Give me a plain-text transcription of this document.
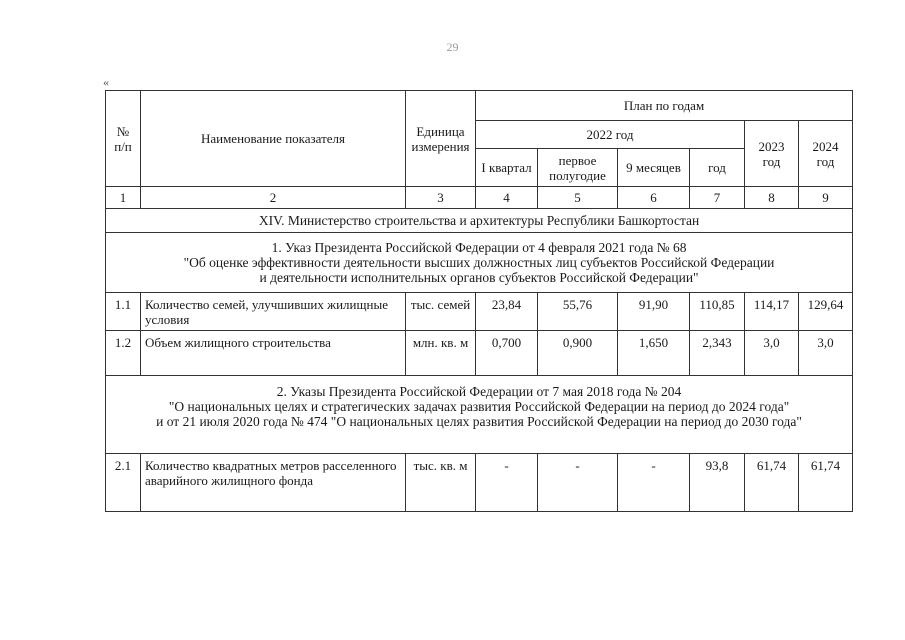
29
«
№ п/п	Наименование показателя	Единица измерения	План по годам					
			2022 год				2023 год	2024 год
			I квартал	первое полугодие	9 месяцев	год		
1	2	3	4	5	6	7	8	9
XIV. Министерство строительства и архитектуры Республики Башкортостан								

1. Указ Президента Российской Федерации от 4 февраля 2021 года № 68
"Об оценке эффективности деятельности высших должностных лиц субъектов Российской Федерации
и деятельности исполнительных органов субъектов Российской Федерации"								

1.1	Количество семей, улучшивших жилищные условия	тыс. семей	23,84	55,76	91,90	110,85	114,17	129,64
1.2	Объем жилищного строительства	млн. кв. м	0,700	0,900	1,650	2,343	3,0	3,0

2. Указы Президента Российской Федерации от 7 мая 2018 года № 204
"О национальных целях и стратегических задачах развития Российской Федерации на период до 2024 года"
и от 21 июля 2020 года № 474 "О национальных целях развития Российской Федерации на период до 2030 года"								

2.1	Количество квадратных метров расселенного аварийного жилищного фонда	тыс. кв. м	-	-	-	93,8	61,74	61,74
